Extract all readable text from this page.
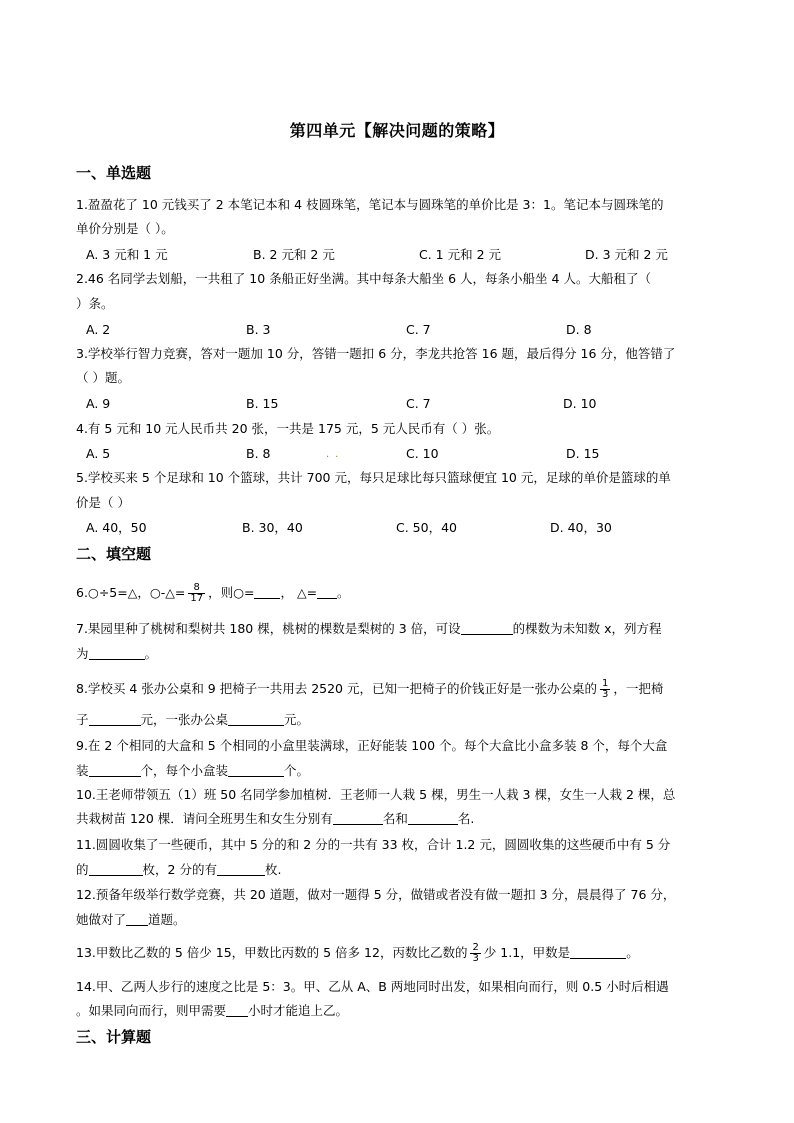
第四单元【解决问题的策略】
一、单选题
1.盈盈花了 10 元钱买了 2 本笔记本和 4 枝圆珠笔，笔记本与圆珠笔的单价比是 3：1。笔记本与圆珠笔的
单价分别是（ ）。
A. 3 元和 1 元	B. 2 元和 2 元	C. 1 元和 2 元	D. 3 元和 2 元
2.46 名同学去划船，一共租了 10 条船正好坐满。其中每条大船坐 6 人，每条小船坐 4 人。大船租了（
）条。
A. 2	B. 3	C. 7	D. 8
3.学校举行智力竞赛，答对一题加 10 分，答错一题扣 6 分，李龙共抢答 16 题，最后得分 16 分，他答错了
（ ）题。
A. 9	B. 15	C. 7	D. 10
4.有 5 元和 10 元人民币共 20 张，一共是 175 元，5 元人民币有（ ）张。
A. 5	B. 8	C. 10	D. 15
··
5.学校买来 5 个足球和 10 个篮球，共计 700 元，每只足球比每只篮球便宜 10 元，足球的单价是篮球的单
价是（ ）
A. 40，50	B. 30，40	C. 50，40	D. 40，30
二、填空题
6.○÷5=△，○-△= $\frac{8}{17}$ ，则○= ， △= 。
7.果园里种了桃树和梨树共 180 棵，桃树的棵数是梨树的 3 倍，可设	的棵数为未知数 x，列方程
为	。
8.学校买 4 张办公桌和 9 把椅子一共用去 2520 元，已知一把椅子的价钱正好是一张办公桌的 $\frac{1}{3}$ ，一把椅
子	元，一张办公桌	元。
9.在 2 个相同的大盒和 5 个相同的小盒里装满球，正好能装 100 个。每个大盒比小盒多装 8 个，每个大盒
装	个，每个小盒装	个。
10.王老师带领五（1）班 50 名同学参加植树．王老师一人栽 5 棵，男生一人栽 3 棵，女生一人栽 2 棵，总
共栽树苗 120 棵．请问全班男生和女生分别有	名和	名.
11.圆圆收集了一些硬币，其中 5 分的和 2 分的一共有 33 枚，合计 1.2 元，圆圆收集的这些硬币中有 5 分
的	枚，2 分的有	枚.
12.预备年级举行数学竞赛，共 20 道题，做对一题得 5 分，做错或者没有做一题扣 3 分，晨晨得了 76 分，
她做对了 道题。
13.甲数比乙数的 5 倍少 15，甲数比丙数的 5 倍多 12，丙数比乙数的 $\frac{2}{3}$ 少 1.1，甲数是	。
14.甲、乙两人步行的速度之比是 5：3。甲、乙从 A、B 两地同时出发，如果相向而行，则 0.5 小时后相遇
。如果同向而行，则甲需要 小时才能追上乙。
三、计算题
